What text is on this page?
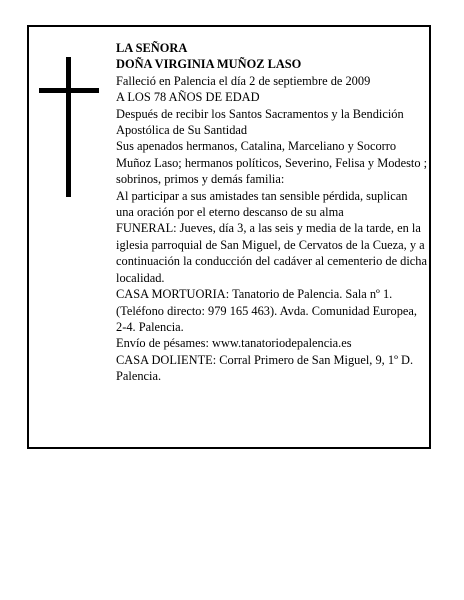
LA SEÑORA

DOÑA VIRGINIA MUÑOZ LASO

Falleció en Palencia el día 2 de septiembre de 2009

A LOS 78 AÑOS DE EDAD

Después de recibir los Santos Sacramentos y la Bendición Apostólica de Su Santidad

Sus apenados hermanos, Catalina, Marceliano y Socorro Muñoz Laso; hermanos políticos, Severino, Felisa y Modesto ; sobrinos, primos y demás familia:

Al participar a sus amistades tan sensible pérdida, suplican una oración por el eterno descanso de su alma

FUNERAL: Jueves, día 3, a las seis y media de la tarde, en la iglesia parroquial de San Miguel, de Cervatos de la Cueza, y a continuación la conducción del cadáver al cementerio de dicha localidad.

CASA MORTUORIA: Tanatorio de Palencia. Sala nº 1. (Teléfono directo: 979 165 463). Avda. Comunidad Europea, 2-4. Palencia.

Envío de pésames: www.tanatoriodepalencia.es

CASA DOLIENTE: Corral Primero de San Miguel, 9, 1º D. Palencia.
